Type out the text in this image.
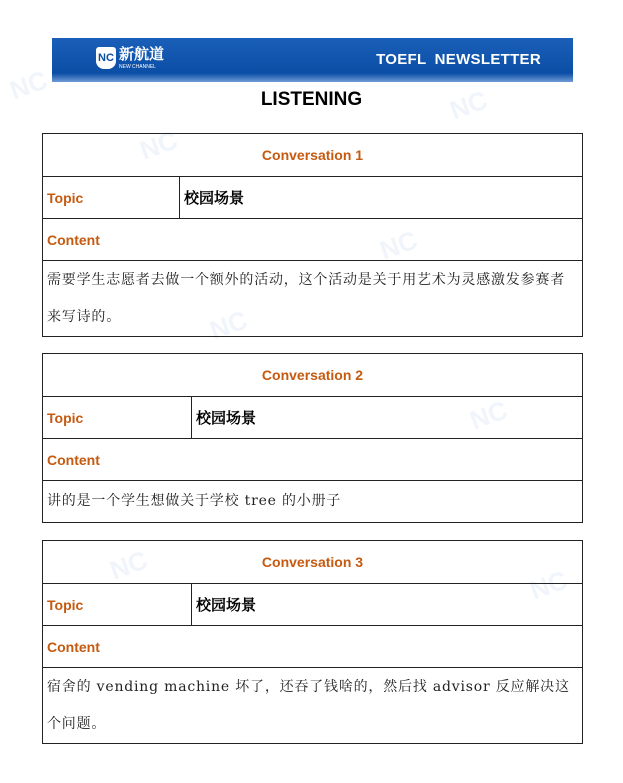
NC	NC
NC
NC
NC
NC
NC	NC
NC 新航道
NEW CHANNEL	TOEFL NEWSLETTER
LISTENING
Conversation 1
Topic	校园场景
Content
需要学生志愿者去做一个额外的活动，这个活动是关于用艺术为灵感激发参赛者来写诗的。
Conversation 2
Topic	校园场景
Content
讲的是一个学生想做关于学校 tree 的小册子
Conversation 3
Topic	校园场景
Content
宿舍的 vending machine 坏了，还吞了钱啥的，然后找 advisor 反应解决这个问题。
